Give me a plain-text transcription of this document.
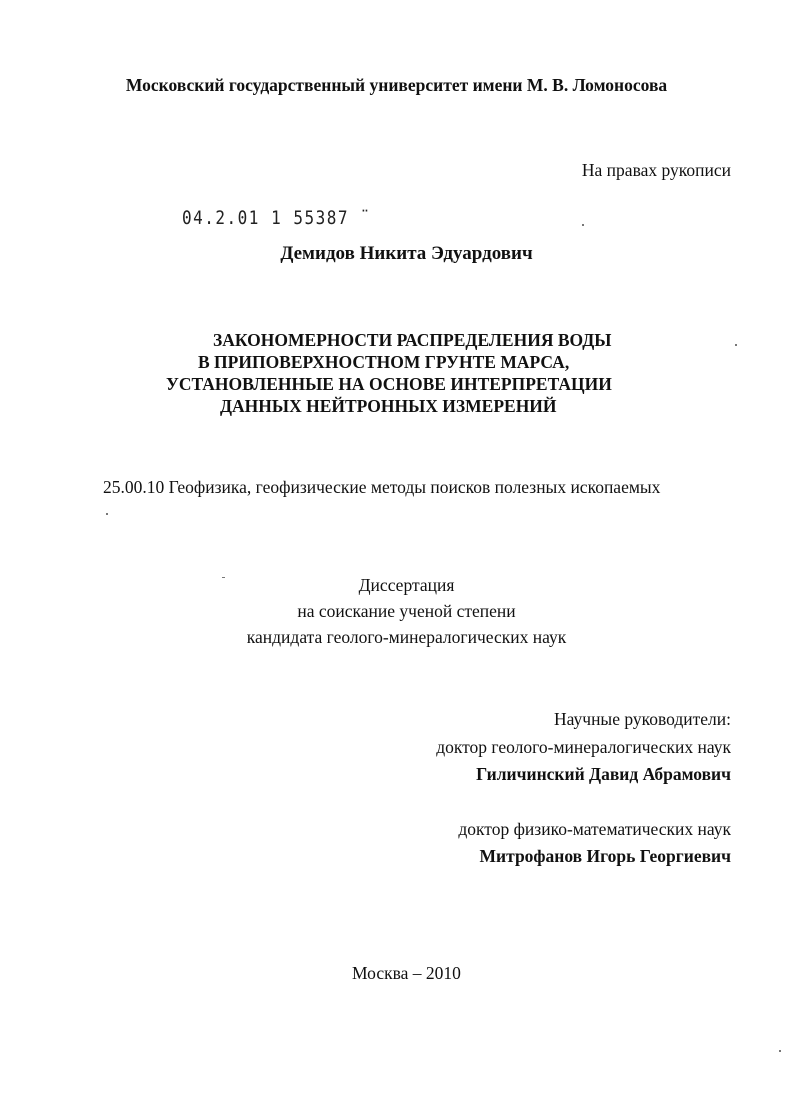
Московский государственный университет имени М. В. Ломоносова
На правах рукописи
04.2.01 1 55387 ¨
Демидов Никита Эдуардович
ЗАКОНОМЕРНОСТИ РАСПРЕДЕЛЕНИЯ ВОДЫ
В ПРИПОВЕРХНОСТНОМ ГРУНТЕ МАРСА,
УСТАНОВЛЕННЫЕ НА ОСНОВЕ ИНТЕРПРЕТАЦИИ
ДАННЫХ НЕЙТРОННЫХ ИЗМЕРЕНИЙ
25.00.10 Геофизика, геофизические методы поисков полезных ископаемых
Диссертация
на соискание ученой степени
кандидата геолого-минералогических наук
Научные руководители:
доктор геолого-минералогических наук
Гиличинский Давид Абрамович
доктор физико-математических наук
Митрофанов Игорь Георгиевич
Москва – 2010
